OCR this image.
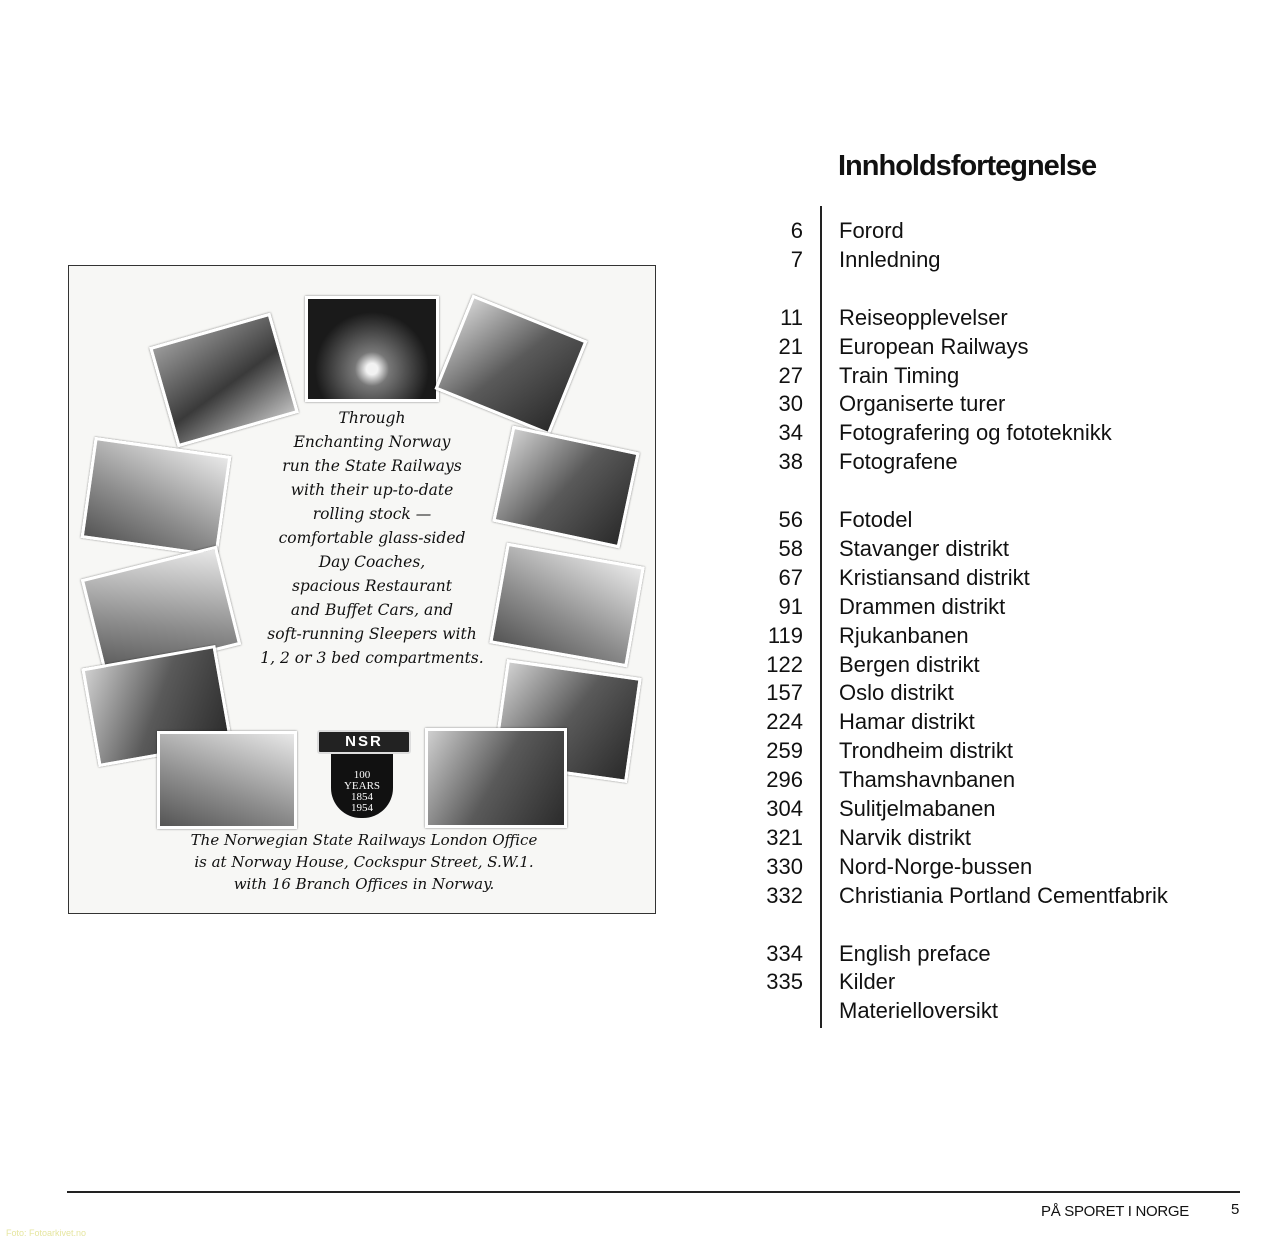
Innholdsfortegnelse
6 Forord
7 Innledning
11 Reiseopplevelser
21 European Railways
27 Train Timing
30 Organiserte turer
34 Fotografering og fototeknikk
38 Fotografene
56 Fotodel
58 Stavanger distrikt
67 Kristiansand distrikt
91 Drammen distrikt
119 Rjukanbanen
122 Bergen distrikt
157 Oslo distrikt
224 Hamar distrikt
259 Trondheim distrikt
296 Thamshavnbanen
304 Sulitjelmabanen
321 Narvik distrikt
330 Nord-Norge-bussen
332 Christiania Portland Cementfabrik
334 English preface
335 Kilder
Materielloversikt
Through
Enchanting Norway
run the State Railways
with their up-to-date
rolling stock —
comfortable glass-sided
Day Coaches,
spacious Restaurant
and Buffet Cars, and
soft-running Sleepers with
1, 2 or 3 bed compartments.
NSR
100
YEARS
1854
1954
The Norwegian State Railways London Office
is at Norway House, Cockspur Street, S.W.1.
with 16 Branch Offices in Norway.
PÅ SPORET I NORGE	5
Foto: Fotoarkivet.no
